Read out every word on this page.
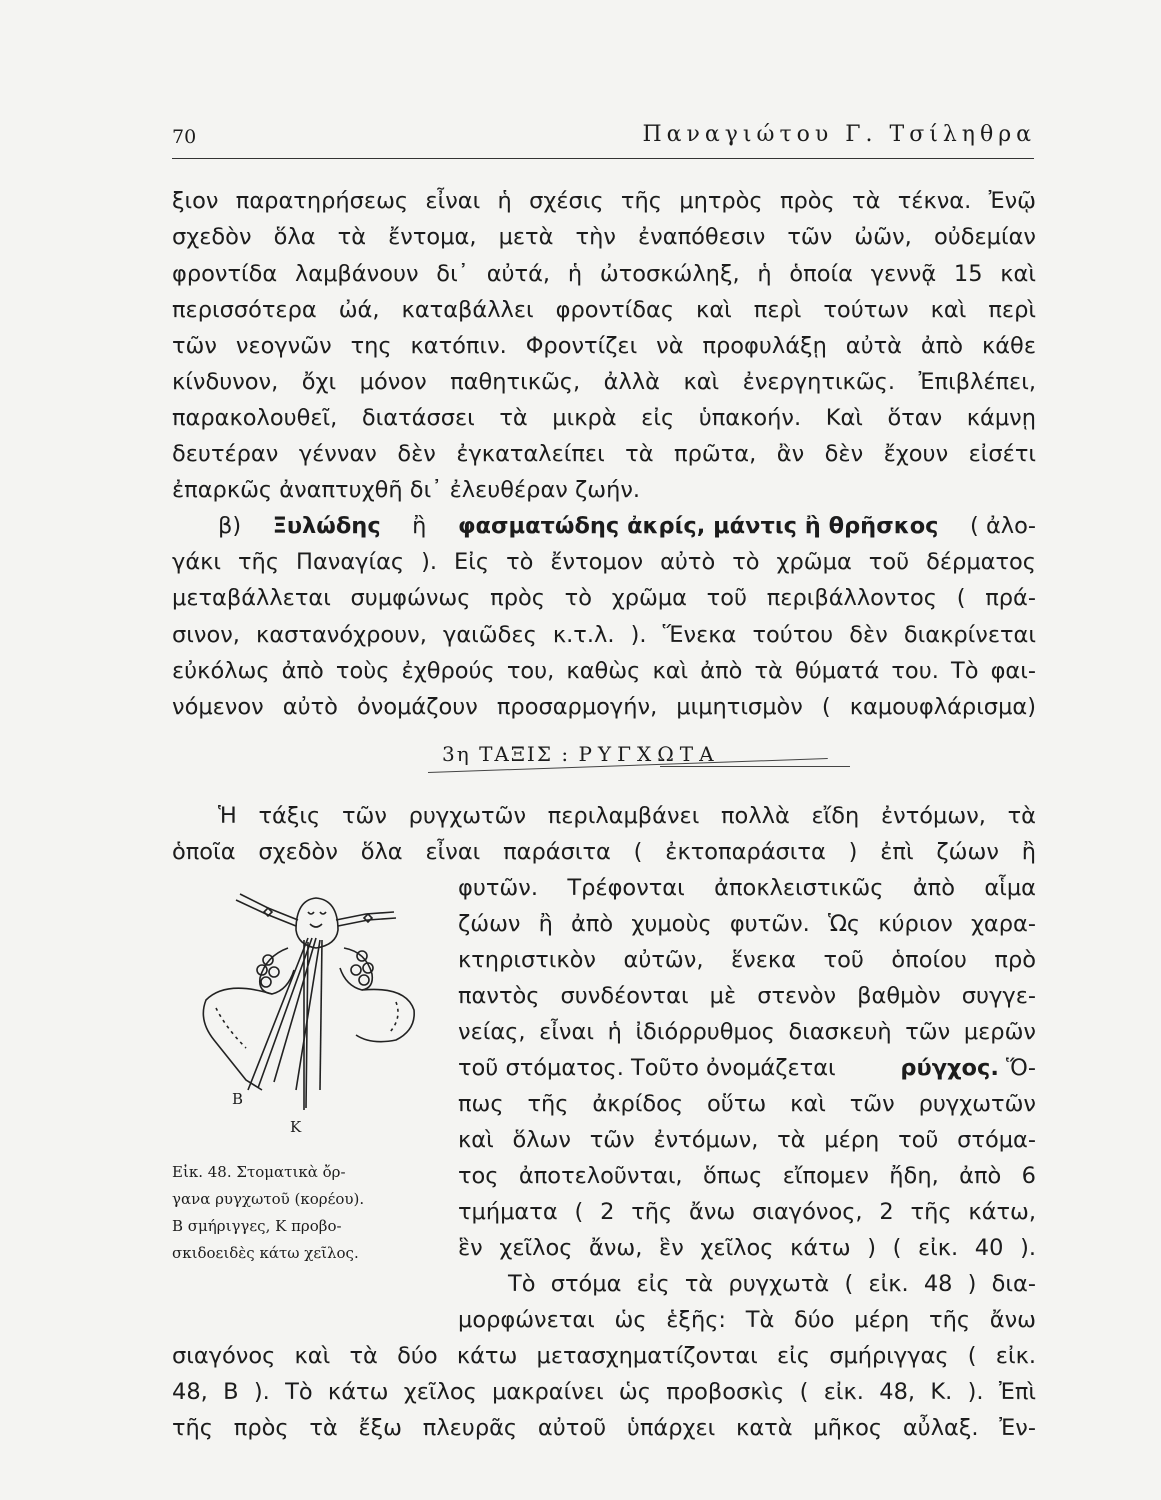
70	Παναγιώτου Γ. Τσίληθρα
ξιον παρατηρήσεως εἶναι ἡ σχέσις τῆς μητρὸς πρὸς τὰ τέκνα. Ἐνῷ
σχεδὸν ὅλα τὰ ἔντομα, μετὰ τὴν ἐναπόθεσιν τῶν ὠῶν, οὐδεμίαν
φροντίδα λαμβάνουν δι᾽ αὐτά, ἡ ὠτοσκώληξ, ἡ ὁποία γεννᾷ 15 καὶ
περισσότερα ὠά, καταβάλλει φροντίδας καὶ περὶ τούτων καὶ περὶ
τῶν νεογνῶν της κατόπιν. Φροντίζει νὰ προφυλάξῃ αὐτὰ ἀπὸ κάθε
κίνδυνον, ὄχι μόνον παθητικῶς, ἀλλὰ καὶ ἐνεργητικῶς. Ἐπιβλέπει,
παρακολουθεῖ, διατάσσει τὰ μικρὰ εἰς ὑπακοήν. Καὶ ὅταν κάμνῃ
δευτέραν γένναν δὲν ἐγκαταλείπει τὰ πρῶτα, ἂν δὲν ἔχουν εἰσέτι
ἐπαρκῶς ἀναπτυχθῆ δι᾽ ἐλευθέραν ζωήν.
β) Ξυλώδης ἢ φασματώδης ἀκρίς, μάντις ἢ θρῆσκος ( ἀλο-
γάκι τῆς Παναγίας ). Εἰς τὸ ἔντομον αὐτὸ τὸ χρῶμα τοῦ δέρματος
μεταβάλλεται συμφώνως πρὸς τὸ χρῶμα τοῦ περιβάλλοντος ( πρά-
σινον, καστανόχρουν, γαιῶδες κ.τ.λ. ). Ἕνεκα τούτου δὲν διακρίνεται
εὐκόλως ἀπὸ τοὺς ἐχθρούς του, καθὼς καὶ ἀπὸ τὰ θύματά του. Τὸ φαι-
νόμενον αὐτὸ ὀνομάζουν προσαρμογήν, μιμητισμὸν ( καμουφλάρισμα)
3η ΤΑΞΙΣ : ΡΥΓΧΩΤΑ
Ἡ τάξις τῶν ρυγχωτῶν περιλαμβάνει πολλὰ εἴδη ἐντόμων, τὰ
ὁποῖα σχεδὸν ὅλα εἶναι παράσιτα ( ἐκτοπαράσιτα ) ἐπὶ ζώων ἢ
φυτῶν. Τρέφονται ἀποκλειστικῶς ἀπὸ αἷμα
ζώων ἢ ἀπὸ χυμοὺς φυτῶν. Ὡς κύριον χαρα-
κτηριστικὸν αὐτῶν, ἕνεκα τοῦ ὁποίου πρὸ
παντὸς συνδέονται μὲ στενὸν βαθμὸν συγγε-
νείας, εἶναι ἡ ἰδιόρρυθμος διασκευὴ τῶν μερῶν
τοῦ στόματος. Τοῦτο ὀνομάζεται	ρύγχος. Ὅ-
πως τῆς ἀκρίδος οὕτω καὶ τῶν ρυγχωτῶν
καὶ ὅλων τῶν ἐντόμων, τὰ μέρη τοῦ στόμα-
τος ἀποτελοῦνται, ὅπως εἴπομεν ἤδη, ἀπὸ 6
τμήματα ( 2 τῆς ἄνω σιαγόνος, 2 τῆς κάτω,
ἓν χεῖλος ἄνω, ἓν χεῖλος κάτω ) ( εἰκ. 40 ).
Τὸ στόμα εἰς τὰ ρυγχωτὰ ( εἰκ. 48 ) δια-
μορφώνεται ὡς ἑξῆς: Τὰ δύο μέρη τῆς ἄνω
σιαγόνος καὶ τὰ δύο κάτω μετασχηματίζονται εἰς σμήριγγας ( εἰκ.
48, Β ). Τὸ κάτω χεῖλος μακραίνει ὡς προβοσκὶς ( εἰκ. 48, Κ. ). Ἐπὶ
τῆς πρὸς τὰ ἔξω πλευρᾶς αὐτοῦ ὑπάρχει κατὰ μῆκος αὖλαξ. Ἐν-
Β
Κ
Εἰκ. 48. Στοματικὰ ὄρ-
γανα ρυγχωτοῦ (κορέου).
Β σμήριγγες, Κ προβο-
σκιδοειδὲς κάτω χεῖλος.
